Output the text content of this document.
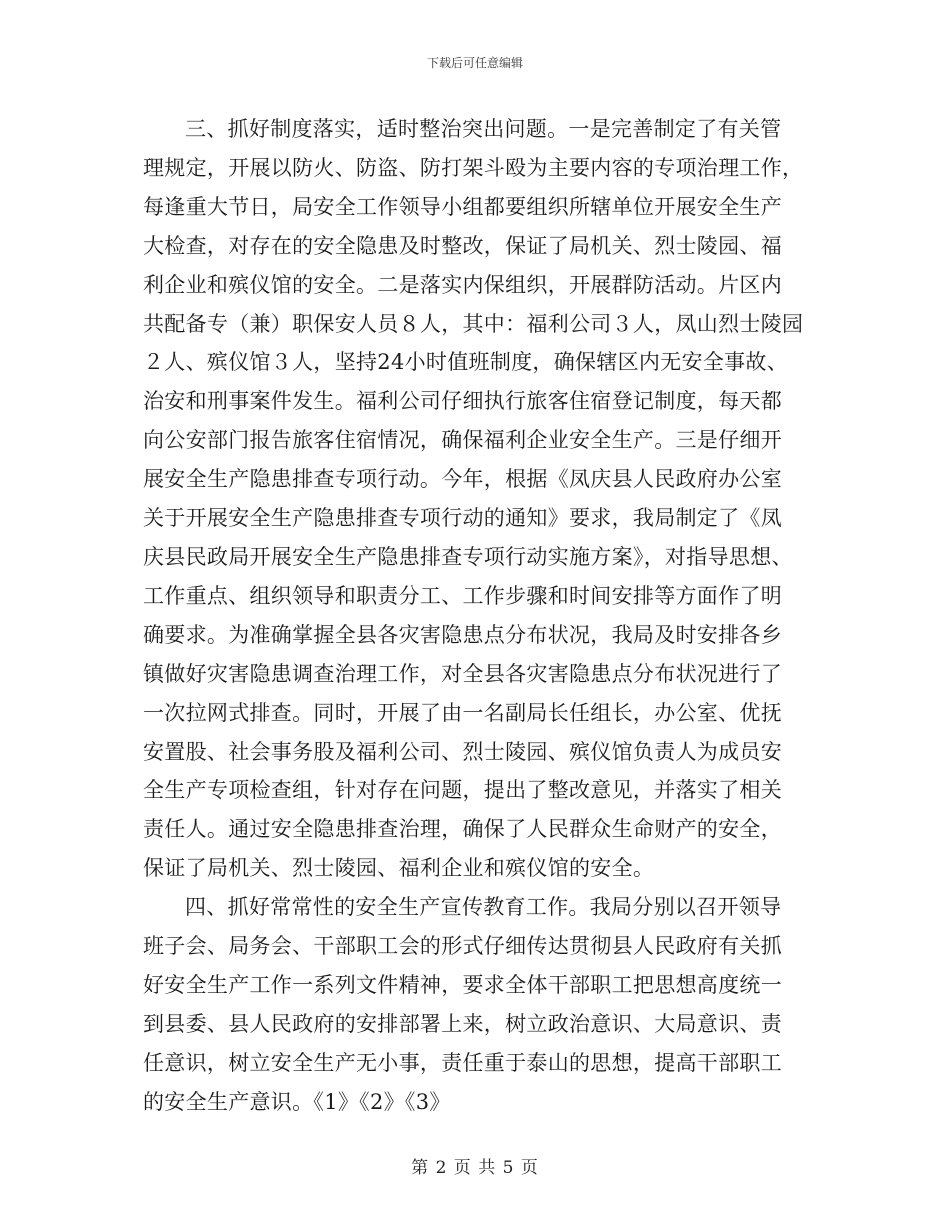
下载后可任意编辑

三、抓好制度落实，适时整治突出问题。一是完善制定了有关管
理规定，开展以防火、防盗、防打架斗殴为主要内容的专项治理工作，
每逢重大节日，局安全工作领导小组都要组织所辖单位开展安全生产
大检查，对存在的安全隐患及时整改，保证了局机关、烈士陵园、福
利企业和殡仪馆的安全。二是落实内保组织，开展群防活动。片区内
共配备专（兼）职保安人员８人，其中：福利公司３人，凤山烈士陵园
２人、殡仪馆３人，坚持24小时值班制度，确保辖区内无安全事故、
治安和刑事案件发生。福利公司仔细执行旅客住宿登记制度，每天都
向公安部门报告旅客住宿情况，确保福利企业安全生产。三是仔细开
展安全生产隐患排查专项行动。今年，根据《凤庆县人民政府办公室
关于开展安全生产隐患排查专项行动的通知》要求，我局制定了《凤
庆县民政局开展安全生产隐患排查专项行动实施方案》，对指导思想、
工作重点、组织领导和职责分工、工作步骤和时间安排等方面作了明
确要求。为准确掌握全县各灾害隐患点分布状况，我局及时安排各乡
镇做好灾害隐患调查治理工作，对全县各灾害隐患点分布状况进行了
一次拉网式排查。同时，开展了由一名副局长任组长，办公室、优抚
安置股、社会事务股及福利公司、烈士陵园、殡仪馆负责人为成员安
全生产专项检查组，针对存在问题，提出了整改意见，并落实了相关
责任人。通过安全隐患排查治理，确保了人民群众生命财产的安全，
保证了局机关、烈士陵园、福利企业和殡仪馆的安全。

四、抓好常常性的安全生产宣传教育工作。我局分别以召开领导
班子会、局务会、干部职工会的形式仔细传达贯彻县人民政府有关抓
好安全生产工作一系列文件精神，要求全体干部职工把思想高度统一
到县委、县人民政府的安排部署上来，树立政治意识、大局意识、责
任意识，树立安全生产无小事，责任重于泰山的思想，提高干部职工
的安全生产意识。《1》《2》《3》

第 2 页 共 5 页
